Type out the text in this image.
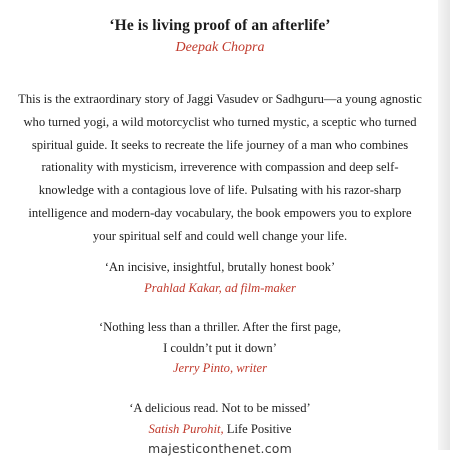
‘He is living proof of an afterlife’
Deepak Chopra

This is the extraordinary story of Jaggi Vasudev or Sadhguru—a young agnostic who turned yogi, a wild motorcyclist who turned mystic, a sceptic who turned spiritual guide. It seeks to recreate the life journey of a man who combines rationality with mysticism, irreverence with compassion and deep self-knowledge with a contagious love of life. Pulsating with his razor-sharp intelligence and modern-day vocabulary, the book empowers you to explore your spiritual self and could well change your life.

‘An incisive, insightful, brutally honest book’
Prahlad Kakar, ad film-maker
‘Nothing less than a thriller. After the first page,
I couldn’t put it down’
Jerry Pinto, writer
‘A delicious read. Not to be missed’
Satish Purohit, Life Positive
majesticonthenet.com
